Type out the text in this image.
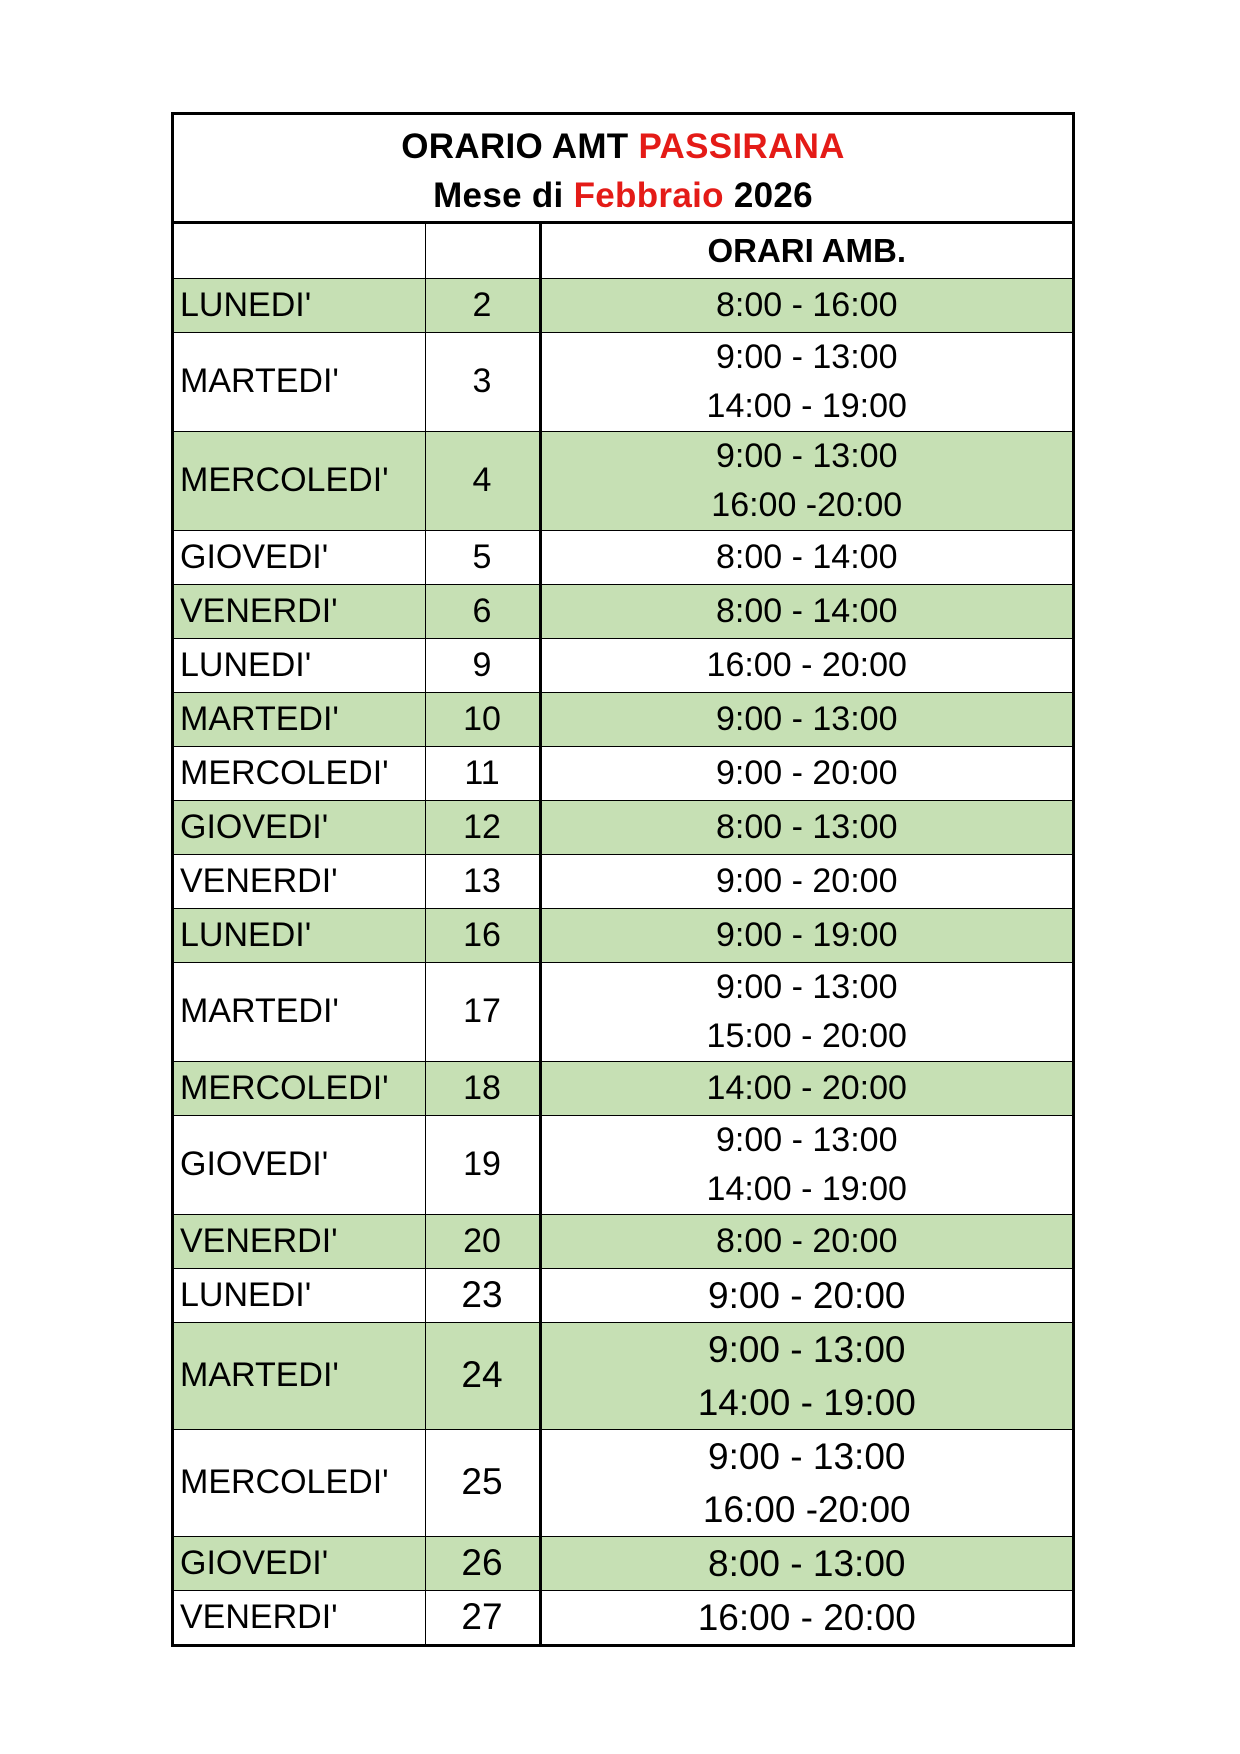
ORARIO AMT PASSIRANA
Mese di Febbraio 2026
		ORARI AMB.
LUNEDI'	2	8:00 - 16:00

MARTEDI'	3	9:00 - 13:00
14:00 - 19:00

MERCOLEDI'	4	9:00 - 13:00
16:00 -20:00

GIOVEDI'	5	8:00 - 14:00

VENERDI'	6	8:00 - 14:00

LUNEDI'	9	16:00 - 20:00

MARTEDI'	10	9:00 - 13:00

MERCOLEDI'	11	9:00 - 20:00

GIOVEDI'	12	8:00 - 13:00

VENERDI'	13	9:00 - 20:00

LUNEDI'	16	9:00 - 19:00

MARTEDI'	17	9:00 - 13:00
15:00 - 20:00

MERCOLEDI'	18	14:00 - 20:00

GIOVEDI'	19	9:00 - 13:00
14:00 - 19:00

VENERDI'	20	8:00 - 20:00

LUNEDI'	23	9:00 - 20:00

MARTEDI'	24	9:00 - 13:00
14:00 - 19:00

MERCOLEDI'	25	9:00 - 13:00
16:00 -20:00

GIOVEDI'	26	8:00 - 13:00

VENERDI'	27	16:00 - 20:00
